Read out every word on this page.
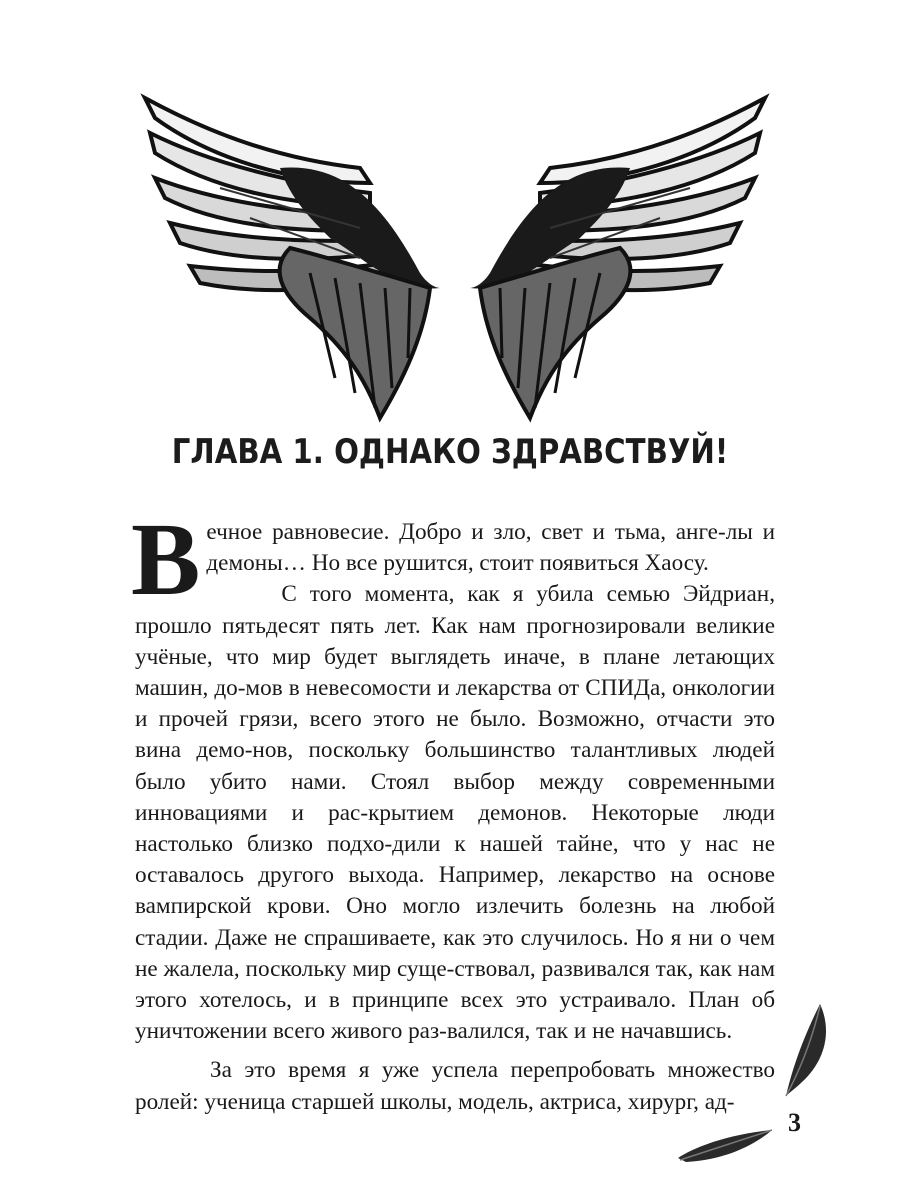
ГЛАВА 1. ОДНАКО ЗДРАВСТВУЙ!

Вечное равновесие. Добро и зло, свет и тьма, анге-лы и демоны… Но все рушится, стоит появиться Хаосу.

С того момента, как я убила семью Эйдриан, прошло пятьдесят пять лет. Как нам прогнозировали великие учёные, что мир будет выглядеть иначе, в плане летающих машин, до-мов в невесомости и лекарства от СПИДа, онкологии и прочей грязи, всего этого не было. Возможно, отчасти это вина демо-нов, поскольку большинство талантливых людей было убито нами. Стоял выбор между современными инновациями и рас-крытием демонов. Некоторые люди настолько близко подхо-дили к нашей тайне, что у нас не оставалось другого выхода. Например, лекарство на основе вампирской крови. Оно могло излечить болезнь на любой стадии. Даже не спрашиваете, как это случилось. Но я ни о чем не жалела, поскольку мир суще-ствовал, развивался так, как нам этого хотелось, и в принципе всех это устраивало. План об уничтожении всего живого раз-валился, так и не начавшись.

За это время я уже успела перепробовать множество ролей: ученица старшей школы, модель, актриса, хирург, ад-

3
